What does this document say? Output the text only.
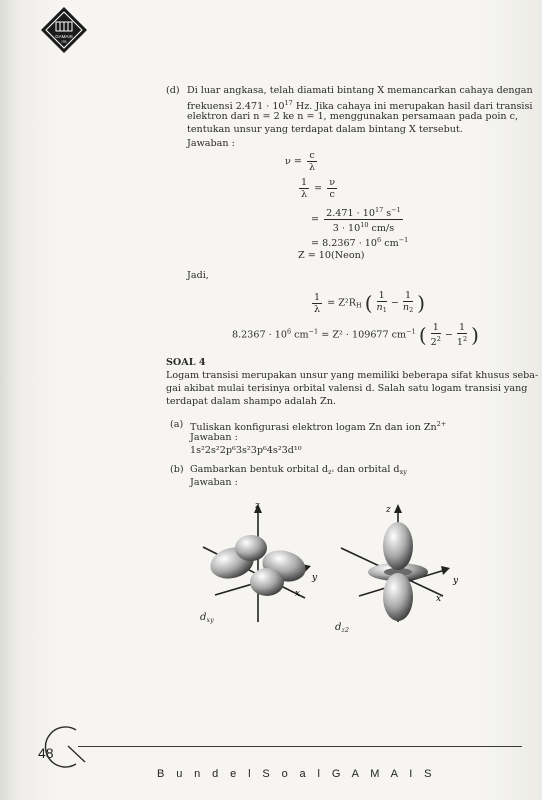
GAMAIS
ITB
(d) Di luar angkasa, telah diamati bintang X memancarkan cahaya dengan
frekuensi $2.471 \cdot 10^{17}$ Hz. Jika cahaya ini merupakan hasil dari transisi
elektron dari n = 2 ke n = 1, menggunakan persamaan pada poin c,
tentukan unsur yang terdapat dalam bintang X tersebut.
Jawaban :
$\nu = \frac{c}{\lambda}$
$\frac{1}{\lambda} = \frac{\nu}{c}$
= $\frac{2.471 \cdot 10^{17} s^{-1}}{3 \cdot 10^{10} cm/s}$
= $8.2367 \cdot 10^6$ $cm^{-1}$
Z = 10(Neon)
Jadi,
$\frac{1}{\lambda} = Z^2R_H$ ( $\frac{1}{n_1} - \frac{1}{n_2}$ )
$8.2367 \cdot 10^6$ $cm^{-1} = Z^2 \cdot 109677$ $cm^{-1}$ ( $\frac{1}{2^2} - \frac{1}{1^2}$ )
SOAL 4
Logam transisi merupakan unsur yang memiliki beberapa sifat khusus seba-
gai akibat mulai terisinya orbital valensi d. Salah satu logam transisi yang
terdapat dalam shampo adalah Zn.
(a) Tuliskan konfigurasi elektron logam Zn dan ion $Zn^{2+}$
Jawaban :
1s²2s²2p⁶3s²3p⁶4s²3d¹⁰
(b) Gambarkan bentuk orbital $d_{z^2}$ dan orbital $d_{xy}$
Jawaban :
z
y
x
$d_{xy}$
z
y
x
$d_{z2}$
48
B u n d e l S o a l G A M A I S
